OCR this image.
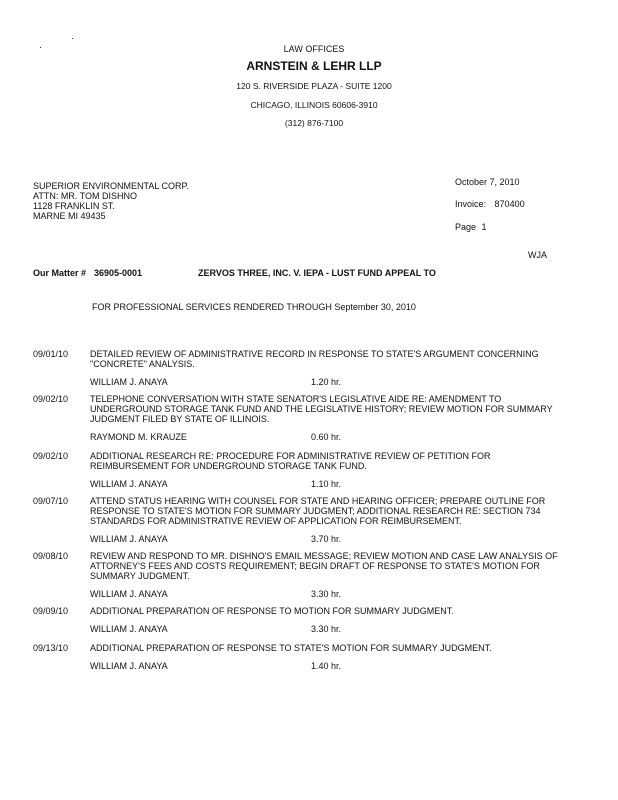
LAW OFFICES
ARNSTEIN & LEHR LLP
120 S. RIVERSIDE PLAZA - SUITE 1200
CHICAGO, ILLINOIS 60606-3910
(312) 876-7100
SUPERIOR ENVIRONMENTAL CORP.
ATTN: MR. TOM DISHNO
1128 FRANKLIN ST.
MARNE MI 49435
October 7, 2010
Invoice: 870400
Page 1
WJA
Our Matter # 36905-0001	ZERVOS THREE, INC. V. IEPA - LUST FUND APPEAL TO
FOR PROFESSIONAL SERVICES RENDERED THROUGH September 30, 2010
09/01/10 DETAILED REVIEW OF ADMINISTRATIVE RECORD IN RESPONSE TO STATE'S ARGUMENT CONCERNING "CONCRETE" ANALYSIS.
WILLIAM J. ANAYA	1.20 hr.
09/02/10 TELEPHONE CONVERSATION WITH STATE SENATOR'S LEGISLATIVE AIDE RE: AMENDMENT TO UNDERGROUND STORAGE TANK FUND AND THE LEGISLATIVE HISTORY; REVIEW MOTION FOR SUMMARY JUDGMENT FILED BY STATE OF ILLINOIS.
RAYMOND M. KRAUZE	0.60 hr.
09/02/10 ADDITIONAL RESEARCH RE: PROCEDURE FOR ADMINISTRATIVE REVIEW OF PETITION FOR REIMBURSEMENT FOR UNDERGROUND STORAGE TANK FUND.
WILLIAM J. ANAYA	1.10 hr.
09/07/10 ATTEND STATUS HEARING WITH COUNSEL FOR STATE AND HEARING OFFICER; PREPARE OUTLINE FOR RESPONSE TO STATE'S MOTION FOR SUMMARY JUDGMENT; ADDITIONAL RESEARCH RE: SECTION 734 STANDARDS FOR ADMINISTRATIVE REVIEW OF APPLICATION FOR REIMBURSEMENT.
WILLIAM J. ANAYA	3.70 hr.
09/08/10 REVIEW AND RESPOND TO MR. DISHNO'S EMAIL MESSAGE; REVIEW MOTION AND CASE LAW ANALYSIS OF ATTORNEY'S FEES AND COSTS REQUIREMENT; BEGIN DRAFT OF RESPONSE TO STATE'S MOTION FOR SUMMARY JUDGMENT.
WILLIAM J. ANAYA	3.30 hr.
09/09/10 ADDITIONAL PREPARATION OF RESPONSE TO MOTION FOR SUMMARY JUDGMENT.
WILLIAM J. ANAYA	3.30 hr.
09/13/10 ADDITIONAL PREPARATION OF RESPONSE TO STATE'S MOTION FOR SUMMARY JUDGMENT.
WILLIAM J. ANAYA	1.40 hr.
